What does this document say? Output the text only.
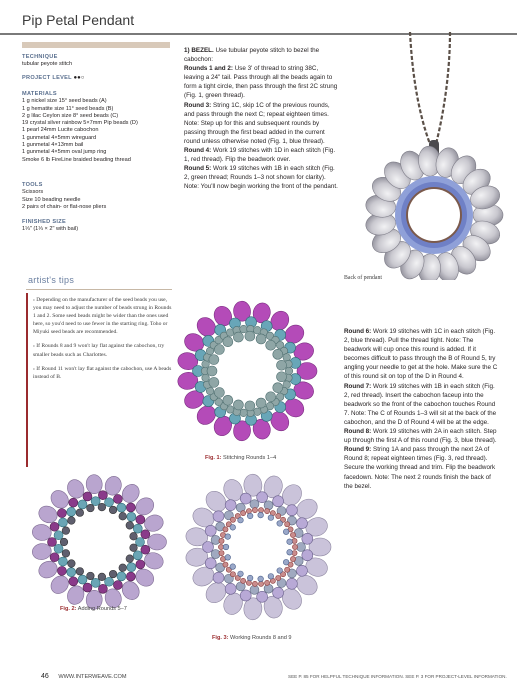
Pip Petal Pendant
TECHNIQUE
tubular peyote stitch
PROJECT LEVEL ●●○
MATERIALS
1 g nickel size 15° seed beads (A)
1 g hematite size 11° seed beads (B)
2 g lilac Ceylon size 8° seed beads (C)
19 crystal silver rainbow 5×7mm Pip beads (D)
1 pearl 24mm Lucite cabochon
1 gunmetal 4×5mm wireguard
1 gunmetal 4×13mm bail
1 gunmetal 4×5mm oval jump ring
Smoke 6 lb FireLine braided beading thread
TOOLS
Scissors
Size 10 beading needle
2 pairs of chain- or flat-nose pliers
FINISHED SIZE
1⅓" (1⅓ × 2" with bail)

1) BEZEL. Use tubular peyote stitch to bezel the cabochon:

Rounds 1 and 2: Use 3' of thread to string 38C, leaving a 24" tail. Pass through all the beads again to form a tight circle, then pass through the first 2C strung (Fig. 1, green thread).

Round 3: String 1C, skip 1C of the previous rounds, and pass through the next C; repeat eighteen times. Note: Step up for this and subsequent rounds by passing through the first bead added in the current round unless otherwise noted (Fig. 1, blue thread).

Round 4: Work 19 stitches with 1D in each stitch (Fig. 1, red thread). Flip the beadwork over.

Round 5: Work 19 stitches with 1B in each stitch (Fig. 2, green thread; Rounds 1–3 not shown for clarity). Note: You'll now begin working the front of the pendant.

Back of pendant
artist's tips

› Depending on the manufacturer of the seed beads you use, you may need to adjust the number of beads strung in Rounds 1 and 2. Some seed beads might be wider than the ones used here, so you'd need to use fewer in the starting ring. Toho or Miyuki seed beads are recommended.

› If Rounds 8 and 9 won't lay flat against the cabochon, try smaller beads such as Charlottes.

› If Round 11 won't lay flat against the cabochon, use A beads instead of B.

Fig. 1: Stitching Rounds 1–4
Fig. 2: Adding Rounds 5–7
Fig. 3: Working Rounds 8 and 9

Round 6: Work 19 stitches with 1C in each stitch (Fig. 2, blue thread). Pull the thread tight. Note: The beadwork will cup once this round is added. If it becomes difficult to pass through the B of Round 5, try angling your needle to get at the hole. Make sure the C of this round sit on top of the D in Round 4.

Round 7: Work 19 stitches with 1B in each stitch (Fig. 2, red thread). Insert the cabochon faceup into the beadwork so the front of the cabochon touches Round 7. Note: The C of Rounds 1–3 will sit at the back of the cabochon, and the D of Round 4 will be at the edge.

Round 8: Work 19 stitches with 2A in each stitch. Step up through the first A of this round (Fig. 3, blue thread).

Round 9: String 1A and pass through the next 2A of Round 8; repeat eighteen times (Fig. 3, red thread). Secure the working thread and trim. Flip the beadwork facedown. Note: The next 2 rounds finish the back of the bezel.

46 WWW.INTERWEAVE.COM	SEE P. 85 FOR HELPFUL TECHNIQUE INFORMATION. SEE P. 3 FOR PROJECT-LEVEL INFORMATION.
